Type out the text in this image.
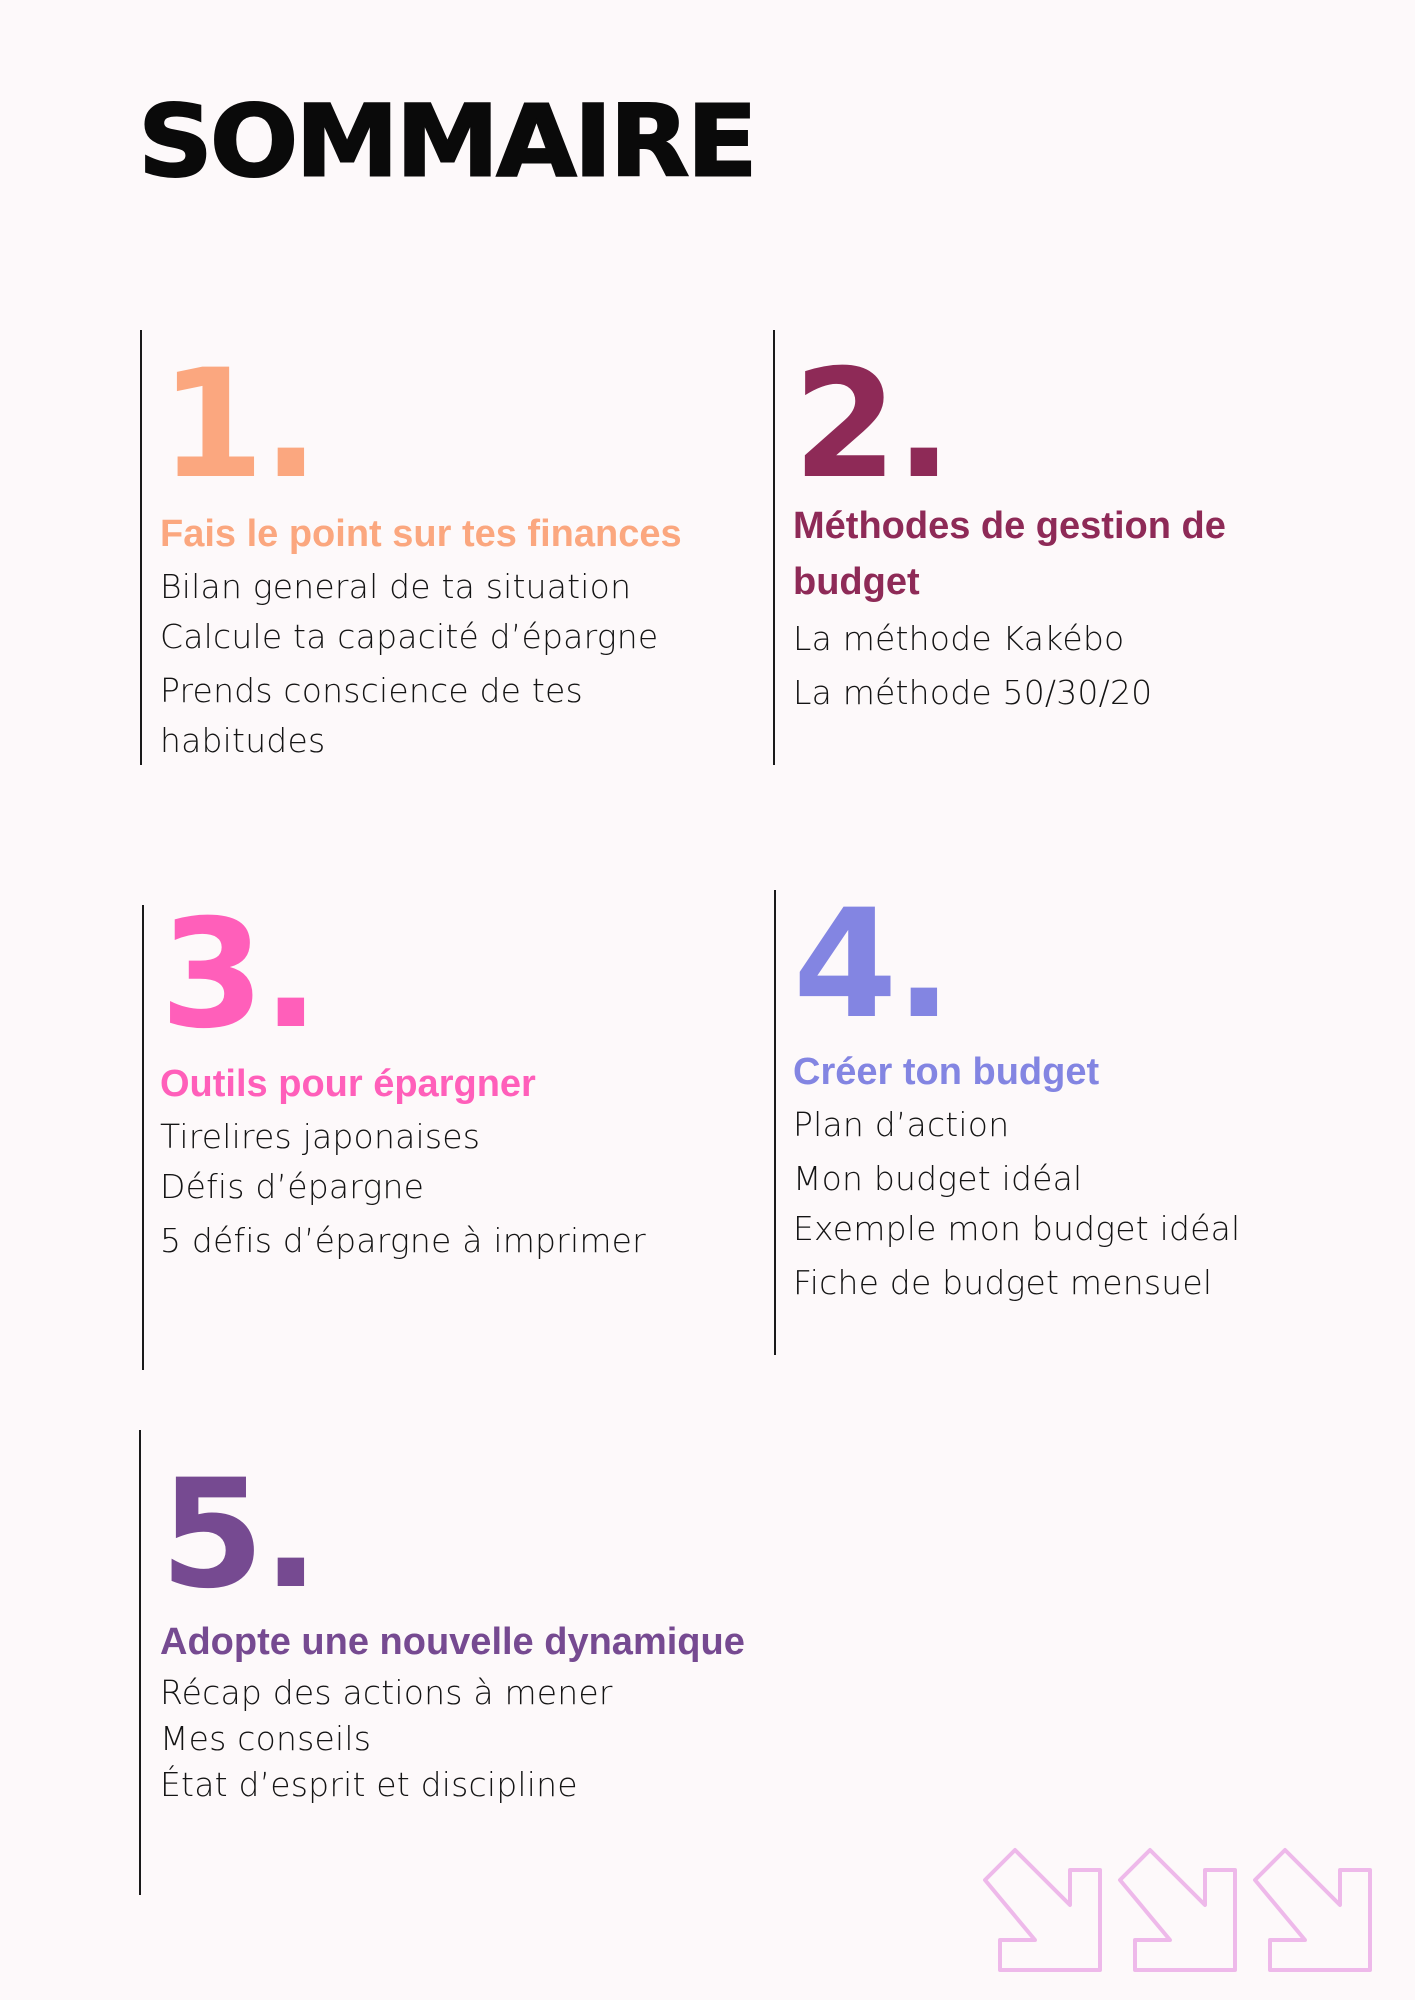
SOMMAIRE
1.

Fais le point sur tes finances

Bilan general de ta situation

Calcule ta capacité d’épargne

Prends conscience de tes

habitudes

2.

Méthodes de gestion de

budget

La méthode Kakébo

La méthode 50/30/20

3.

Outils pour épargner

Tirelires japonaises

Défis d’épargne

5 défis d’épargne à imprimer

4.

Créer ton budget

Plan d’action

Mon budget idéal

Exemple mon budget idéal

Fiche de budget mensuel

5.

Adopte une nouvelle dynamique

Récap des actions à mener

Mes conseils

État d’esprit et discipline
